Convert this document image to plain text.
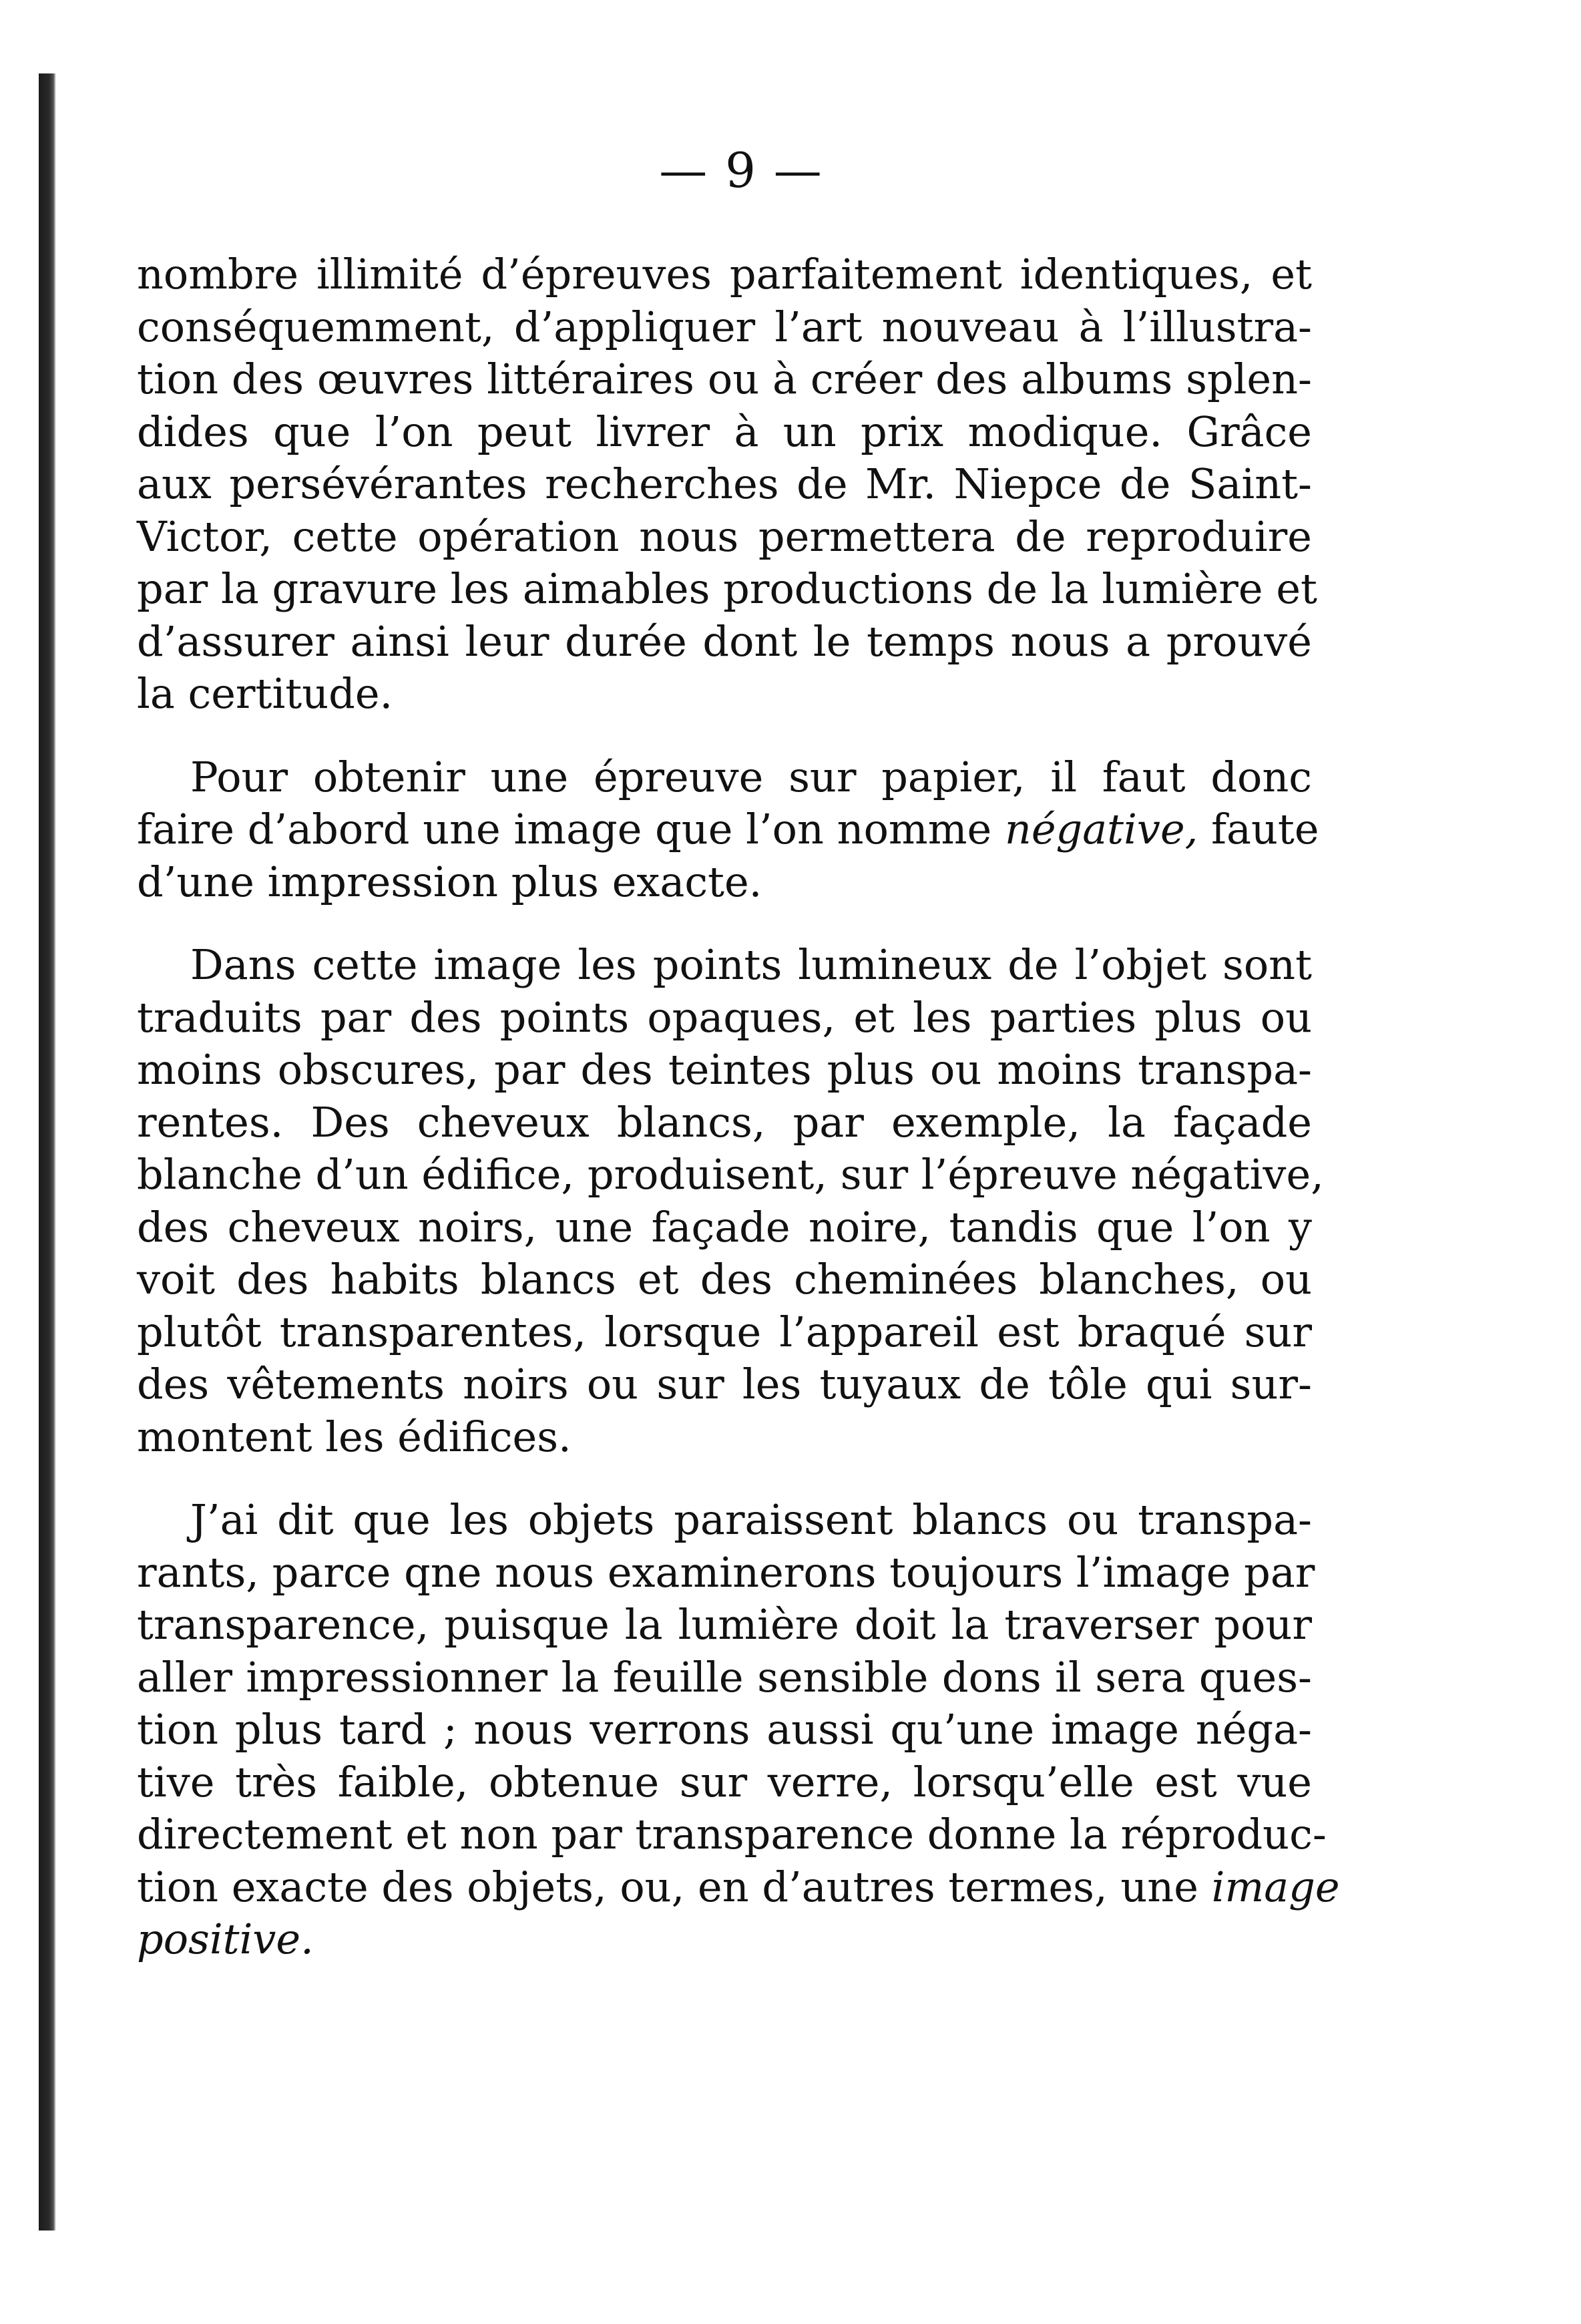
— 9 —
nombre illimité d’épreuves parfaitement identiques, et
conséquemment, d’appliquer l’art nouveau à l’illustra-
tion des œuvres littéraires ou à créer des albums splen-
dides que l’on peut livrer à un prix modique. Grâce
aux persévérantes recherches de Mr. Niepce de Saint-
Victor, cette opération nous permettera de reproduire
par la gravure les aimables productions de la lumière et
d’assurer ainsi leur durée dont le temps nous a prouvé
la certitude.
Pour obtenir une épreuve sur papier, il faut donc
faire d’abord une image que l’on nomme négative, faute
d’une impression plus exacte.
Dans cette image les points lumineux de l’objet sont
traduits par des points opaques, et les parties plus ou
moins obscures, par des teintes plus ou moins transpa-
rentes. Des cheveux blancs, par exemple, la façade
blanche d’un édifice, produisent, sur l’épreuve négative,
des cheveux noirs, une façade noire, tandis que l’on y
voit des habits blancs et des cheminées blanches, ou
plutôt transparentes, lorsque l’appareil est braqué sur
des vêtements noirs ou sur les tuyaux de tôle qui sur-
montent les édifices.
J’ai dit que les objets paraissent blancs ou transpa-
rants, parce qne nous examinerons toujours l’image par
transparence, puisque la lumière doit la traverser pour
aller impressionner la feuille sensible dons il sera ques-
tion plus tard ; nous verrons aussi qu’une image néga-
tive très faible, obtenue sur verre, lorsqu’elle est vue
directement et non par transparence donne la réproduc-
tion exacte des objets, ou, en d’autres termes, une image
positive.
